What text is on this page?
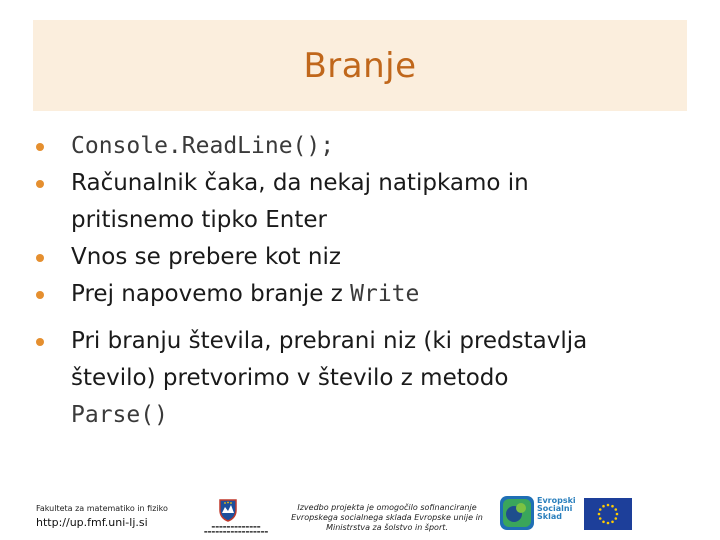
Branje
Console.ReadLine();
Računalnik čaka, da nekaj natipkamo in
pritisnemo tipko Enter
Vnos se prebere kot niz
Prej napovemo branje z Write
Pri branju števila, prebrani niz (ki predstavlja
število) pretvorimo v število z metodo
Parse()
Fakulteta za matematiko in fiziko
http://up.fmf.uni-lj.si	▬▬▬▬▬▬▬▬▬▬▬▬▬
▬▬▬▬▬▬▬▬▬▬▬▬▬▬▬▬▬
Izvedbo projekta je omogočilo sofinanciranje
Evropskega socialnega sklada Evropske unije in
Ministrstva za šolstvo in šport.
Evropski
Socialni
Sklad
